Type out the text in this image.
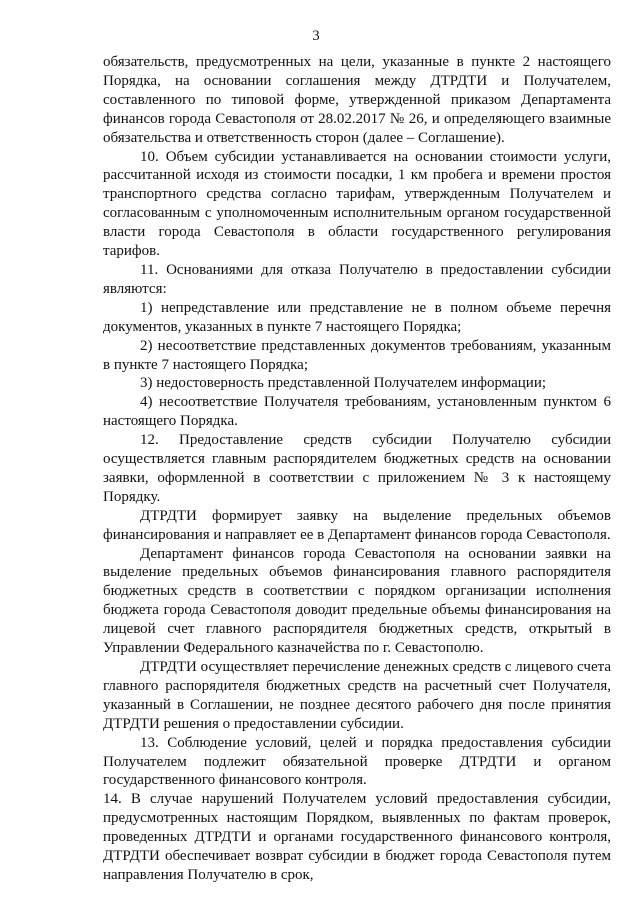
3

обязательств, предусмотренных на цели, указанные в пункте 2 настоящего Порядка, на основании соглашения между ДТРДТИ и Получателем, составленного по типовой форме, утвержденной приказом Департамента финансов города Севастополя от 28.02.2017 № 26, и определяющего взаимные обязательства и ответственность сторон (далее – Соглашение).

10. Объем субсидии устанавливается на основании стоимости услуги, рассчитанной исходя из стоимости посадки, 1 км пробега и времени простоя транспортного средства согласно тарифам, утвержденным Получателем и согласованным с уполномоченным исполнительным органом государственной власти города Севастополя в области государственного регулирования тарифов.

11. Основаниями для отказа Получателю в предоставлении субсидии являются:

1) непредставление или представление не в полном объеме перечня документов, указанных в пункте 7 настоящего Порядка;

2) несоответствие представленных документов требованиям, указанным в пункте 7 настоящего Порядка;

3) недостоверность представленной Получателем информации;

4) несоответствие Получателя требованиям, установленным пунктом 6 настоящего Порядка.

12. Предоставление средств субсидии Получателю субсидии осуществляется главным распорядителем бюджетных средств на основании заявки, оформленной в соответствии с приложением № 3 к настоящему Порядку.

ДТРДТИ формирует заявку на выделение предельных объемов финансирования и направляет ее в Департамент финансов города Севастополя.

Департамент финансов города Севастополя на основании заявки на выделение предельных объемов финансирования главного распорядителя бюджетных средств в соответствии с порядком организации исполнения бюджета города Севастополя доводит предельные объемы финансирования на лицевой счет главного распорядителя бюджетных средств, открытый в Управлении Федерального казначейства по г. Севастополю.

ДТРДТИ осуществляет перечисление денежных средств с лицевого счета главного распорядителя бюджетных средств на расчетный счет Получателя, указанный в Соглашении, не позднее десятого рабочего дня после принятия ДТРДТИ решения о предоставлении субсидии.

13. Соблюдение условий, целей и порядка предоставления субсидии Получателем подлежит обязательной проверке ДТРДТИ и органом государственного финансового контроля.

14. В случае нарушений Получателем условий предоставления субсидии, предусмотренных настоящим Порядком, выявленных по фактам проверок, проведенных ДТРДТИ и органами государственного финансового контроля, ДТРДТИ обеспечивает возврат субсидии в бюджет города Севастополя путем направления Получателю в срок,
